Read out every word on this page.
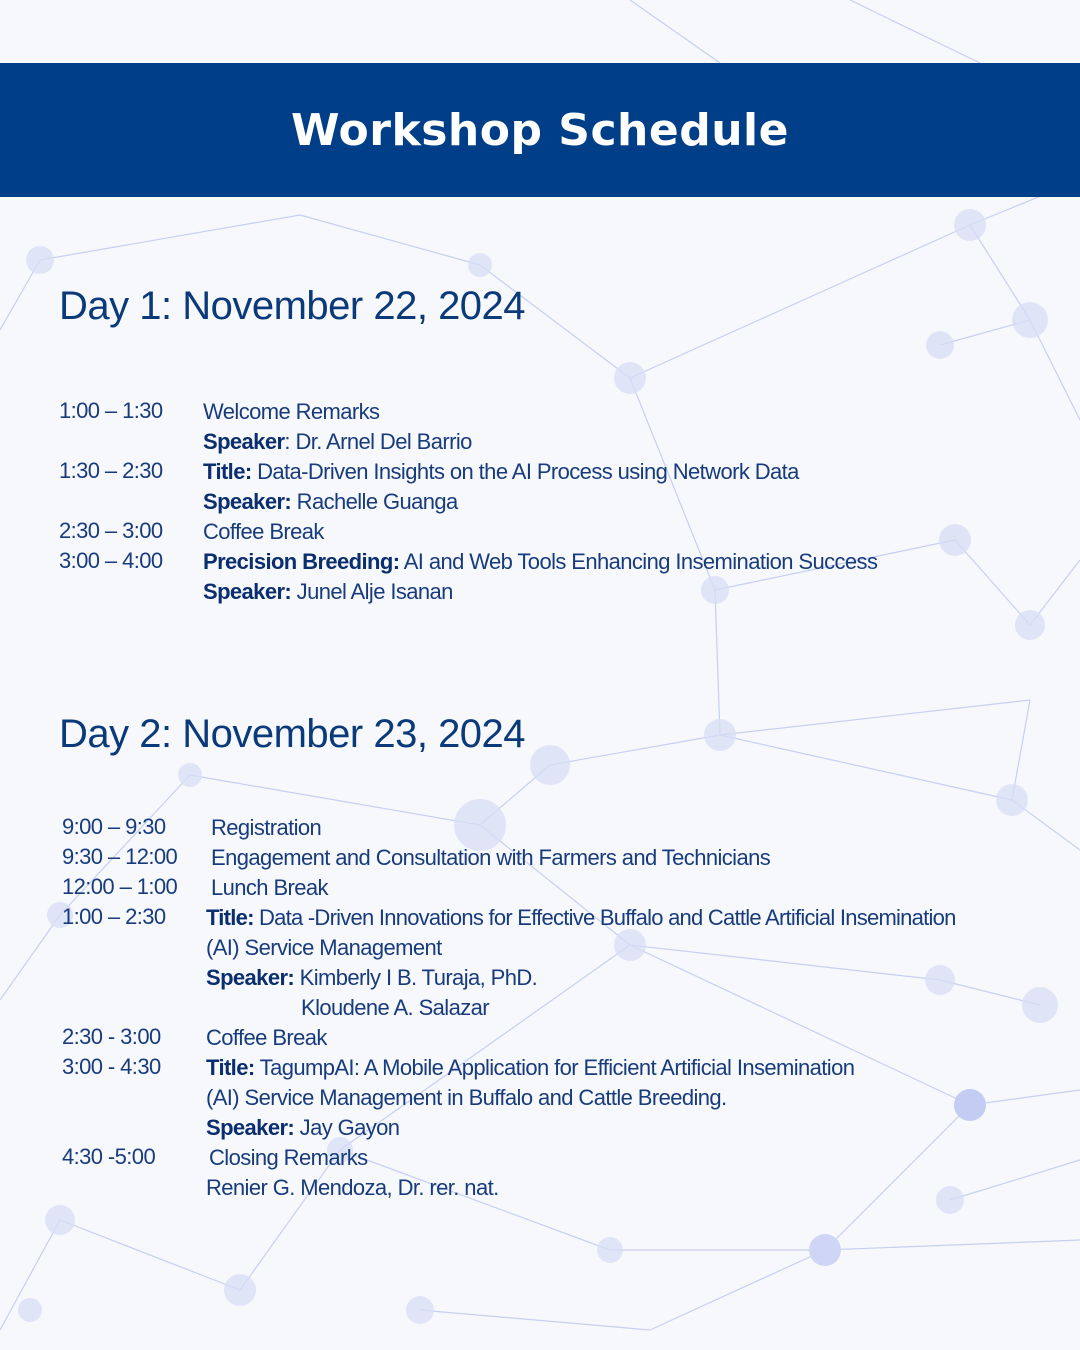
Workshop Schedule
Day 1: November 22, 2024
1:00 – 1:30 Welcome Remarks
Speaker: Dr. Arnel Del Barrio
1:30 – 2:30 Title: Data-Driven Insights on the AI Process using Network Data
Speaker: Rachelle Guanga
2:30 – 3:00 Coffee Break
3:00 – 4:00 Precision Breeding: AI and Web Tools Enhancing Insemination Success
Speaker: Junel Alje Isanan
Day 2: November 23, 2024
9:00 – 9:30 Registration
9:30 – 12:00 Engagement and Consultation with Farmers and Technicians
12:00 – 1:00 Lunch Break
1:00 – 2:30 Title: Data -Driven Innovations for Effective Buffalo and Cattle Artificial Insemination
(AI) Service Management
Speaker: Kimberly I B. Turaja, PhD.
Kloudene A. Salazar
2:30 - 3:00 Coffee Break
3:00 - 4:30 Title: TagumpAI: A Mobile Application for Efficient Artificial Insemination
(AI) Service Management in Buffalo and Cattle Breeding.
Speaker: Jay Gayon
4:30 -5:00 Closing Remarks
Renier G. Mendoza, Dr. rer. nat.
